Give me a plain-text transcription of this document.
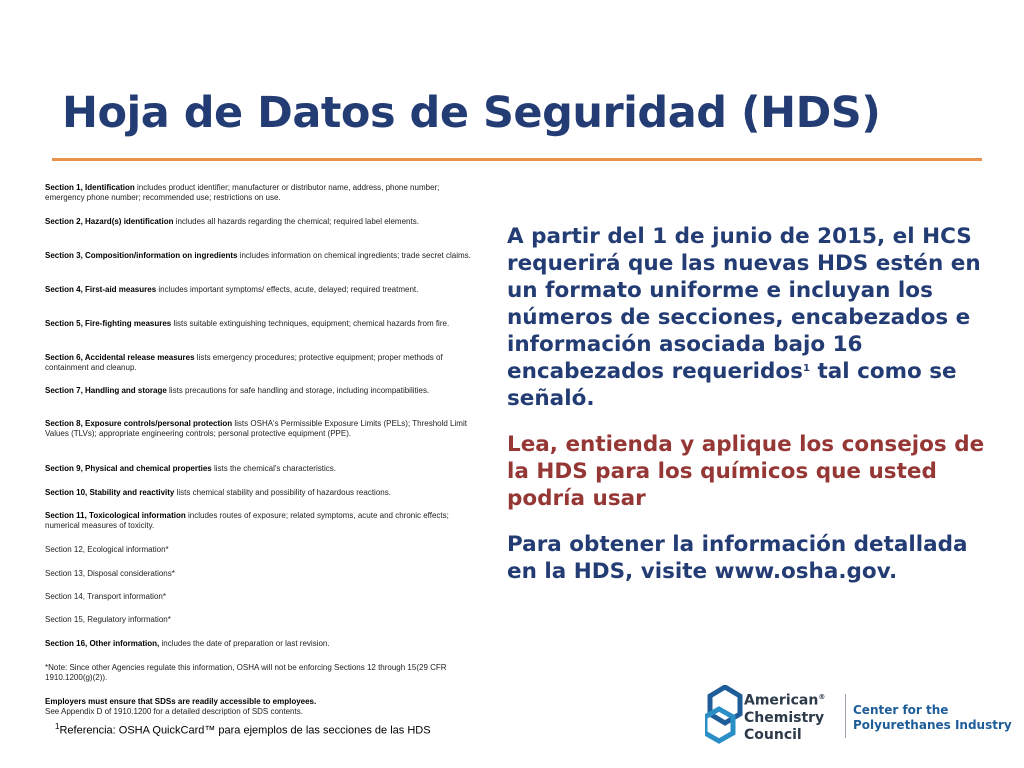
Hoja de Datos de Seguridad (HDS)
Section 1, Identification includes product identifier; manufacturer or distributor name, address, phone number; emergency phone number; recommended use; restrictions on use.
Section 2, Hazard(s) identification includes all hazards regarding the chemical; required label elements.
Section 3, Composition/information on ingredients includes information on chemical ingredients; trade secret claims.
Section 4, First-aid measures includes important symptoms/ effects, acute, delayed; required treatment.
Section 5, Fire-fighting measures lists suitable extinguishing techniques, equipment; chemical hazards from fire.
Section 6, Accidental release measures lists emergency procedures; protective equipment; proper methods of containment and cleanup.
Section 7, Handling and storage lists precautions for safe handling and storage, including incompatibilities.
Section 8, Exposure controls/personal protection lists OSHA's Permissible Exposure Limits (PELs); Threshold Limit Values (TLVs); appropriate engineering controls; personal protective equipment (PPE).
Section 9, Physical and chemical properties lists the chemical's characteristics.
Section 10, Stability and reactivity lists chemical stability and possibility of hazardous reactions.
Section 11, Toxicological information includes routes of exposure; related symptoms, acute and chronic effects; numerical measures of toxicity.
Section 12, Ecological information*
Section 13, Disposal considerations*
Section 14, Transport information*
Section 15, Regulatory information*
Section 16, Other information, includes the date of preparation or last revision.
*Note: Since other Agencies regulate this information, OSHA will not be enforcing Sections 12 through 15(29 CFR 1910.1200(g)(2)).
Employers must ensure that SDSs are readily accessible to employees.
See Appendix D of 1910.1200 for a detailed description of SDS contents.
$^1$Referencia: OSHA QuickCard™ para ejemplos de las secciones de las HDS

A partir del 1 de junio de 2015, el HCS requerirá que las nuevas HDS estén en un formato uniforme e incluyan los números de secciones, encabezados e información asociada bajo 16 encabezados requeridos$^1$ tal como se señaló.

Lea, entienda y aplique los consejos de la HDS para los químicos que usted podría usar

Para obtener la información detallada en la HDS, visite www.osha.gov.

American®
Chemistry
Council
Center for the
Polyurethanes Industry
